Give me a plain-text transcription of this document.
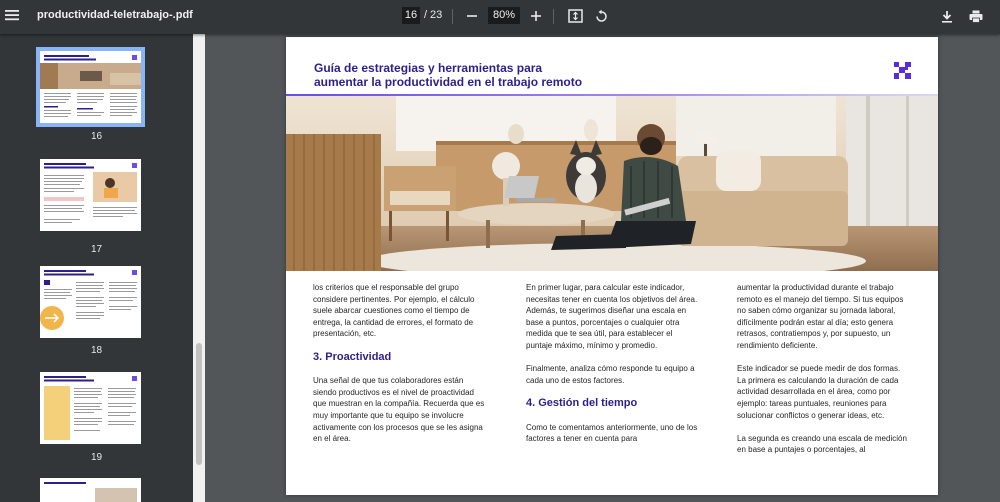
productividad-teletrabajo-.pdf	16 / 23	80%
16
17
18
19
Guía de estrategias y herramientas para
aumentar la productividad en el trabajo remoto

los criterios que el responsable del grupo considere pertinentes. Por ejemplo, el cálculo suele abarcar cuestiones como el tiempo de entrega, la cantidad de errores, el formato de presentación, etc.

3. Proactividad

Una señal de que tus colaboradores están siendo productivos es el nivel de proactividad que muestran en la compañía. Recuerda que es muy importante que tu equipo se involucre activamente con los procesos que se les asigna en el área.

En primer lugar, para calcular este indicador, necesitas tener en cuenta los objetivos del área. Además, te sugerimos diseñar una escala en base a puntos, porcentajes o cualquier otra medida que te sea útil, para establecer el puntaje máximo, mínimo y promedio.

Finalmente, analiza cómo responde tu equipo a cada uno de estos factores.

4. Gestión del tiempo

Como te comentamos anteriormente, uno de los factores a tener en cuenta para

aumentar la productividad durante el trabajo remoto es el manejo del tiempo. Si tus equipos no saben cómo organizar su jornada laboral, difícilmente podrán estar al día; esto genera retrasos, contratiempos y, por supuesto, un rendimiento deficiente.

Este indicador se puede medir de dos formas. La primera es calculando la duración de cada actividad desarrollada en el área, como por ejemplo: tareas puntuales, reuniones para solucionar conflictos o generar ideas, etc.

La segunda es creando una escala de medición en base a puntajes o porcentajes, al
